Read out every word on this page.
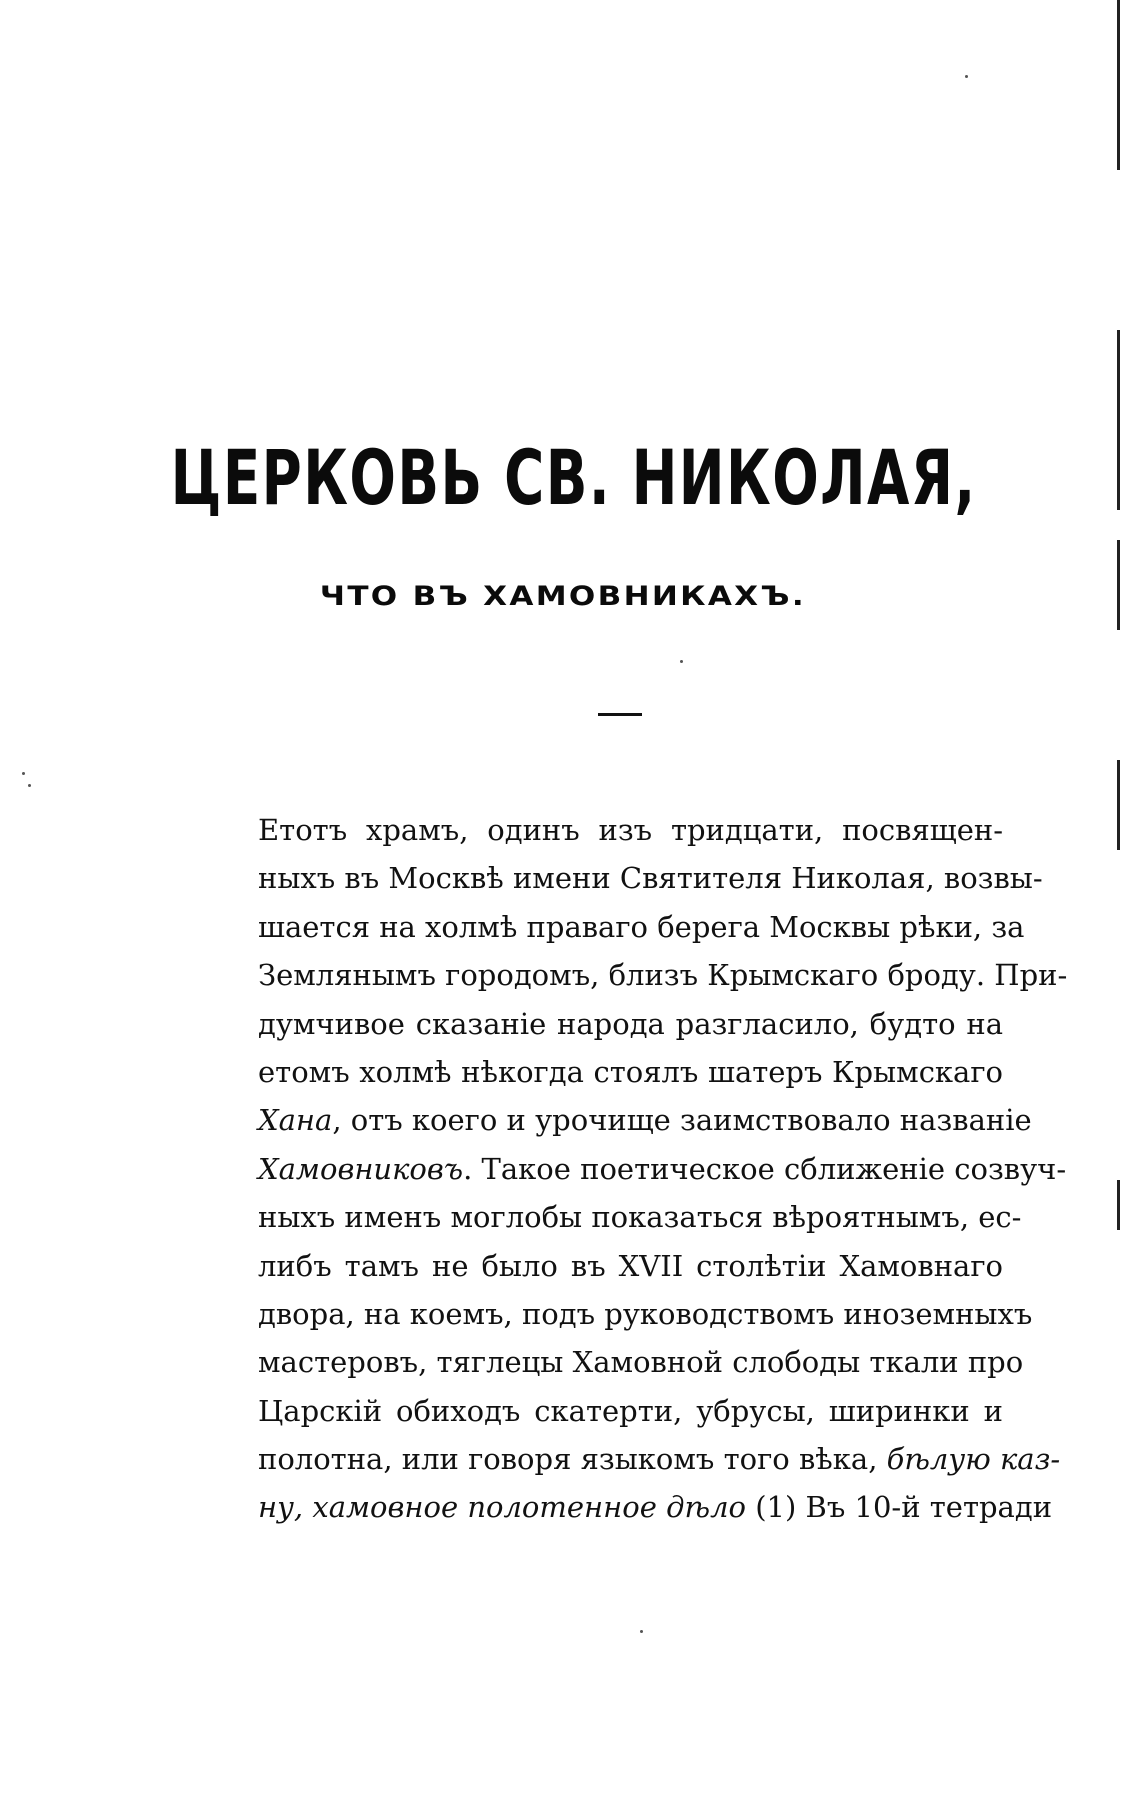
ЦЕРКОВЬ СВ. НИКОЛАЯ,
ЧТО ВЪ ХАМОВНИКАХЪ.
Етотъ храмъ, одинъ изъ тридцати, посвящен-
ныхъ въ Москвѣ имени Святителя Николая, возвы-
шается на холмѣ праваго берега Москвы рѣки, за
Землянымъ городомъ, близъ Крымскаго броду. При-
думчивое сказаніе народа разгласило, будто на
етомъ холмѣ нѣкогда стоялъ шатеръ Крымскаго
Хана, отъ коего и урочище заимствовало названіе
Хамовниковъ. Такое поетическое сближеніе созвуч-
ныхъ именъ моглобы показаться вѣроятнымъ, ес-
либъ тамъ не было въ XVII столѣтіи Хамовнаго
двора, на коемъ, подъ руководствомъ иноземныхъ
мастеровъ, тяглецы Хамовной слободы ткали про
Царскій обиходъ скатерти, убрусы, ширинки и
полотна, или говоря языкомъ того вѣка, бѣлую каз-
ну, хамовное полотенное дѣло (1) Въ 10-й тетради
